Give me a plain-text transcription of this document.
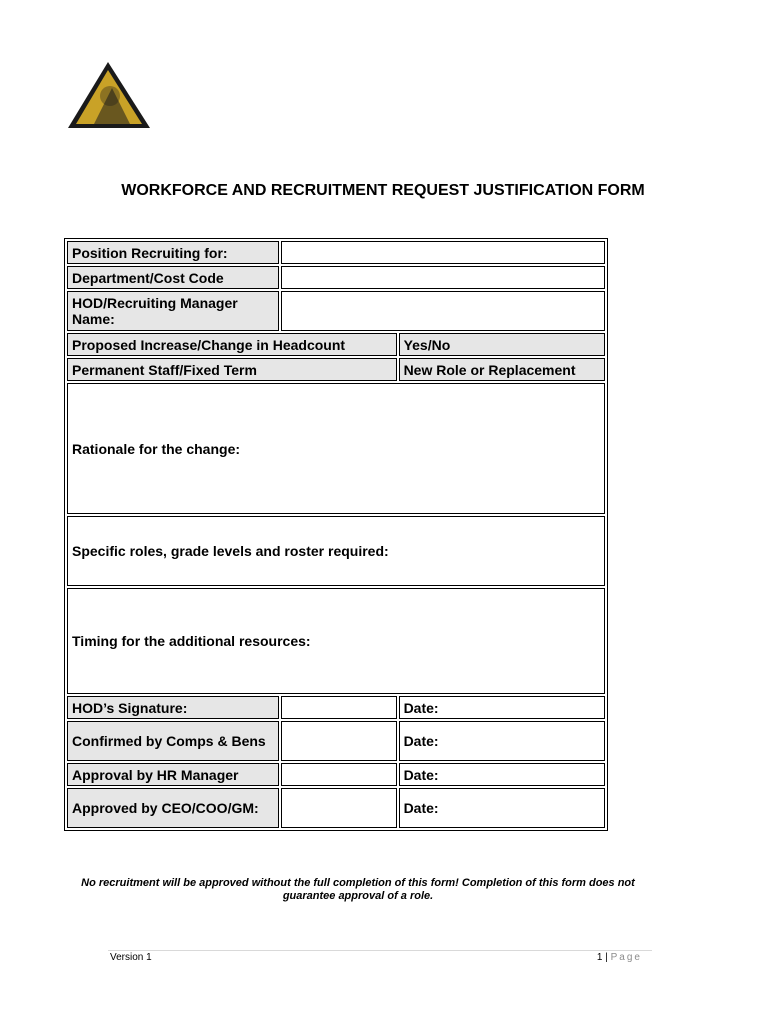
WORKFORCE AND RECRUITMENT REQUEST JUSTIFICATION FORM
Position Recruiting for:		
Department/Cost Code		
HOD/Recruiting Manager Name:		
Proposed Increase/Change in Headcount		Yes/No
Permanent Staff/Fixed Term		New Role or Replacement
Rationale for the change:		
Specific roles, grade levels and roster required:		
Timing for the additional resources:		
HOD’s Signature:		Date:
Confirmed by Comps & Bens		Date:
Approval by HR Manager		Date:
Approved by CEO/COO/GM:		Date:
No recruitment will be approved without the full completion of this form! Completion of this form does not guarantee approval of a role.
Version 1	1 | Page
